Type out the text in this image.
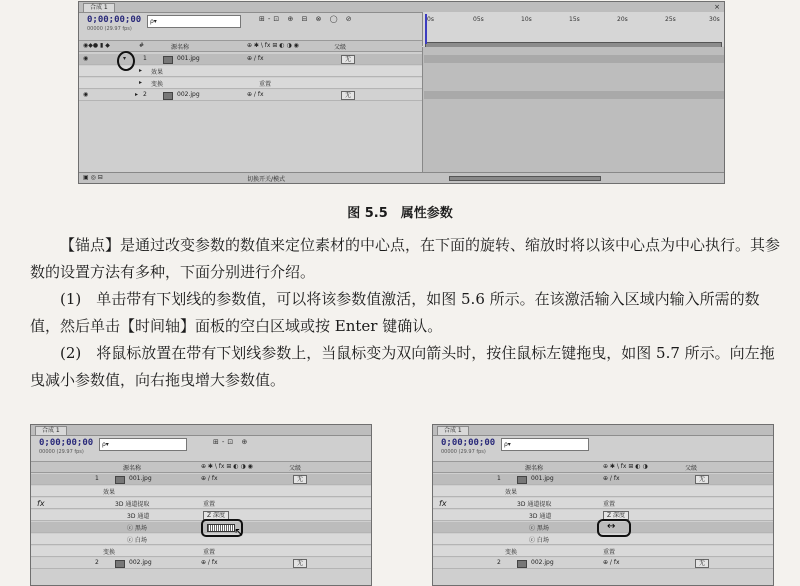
合成 1	×
0;00;00;00
00000 (29.97 fps)
ρ▾	⊞-⊡ ⊕ ⊟ ⊗ ◯ ⊘	0s	05s	10s	15s	20s	25s	30s
◉◆● ▮ ◆	#	源名称	⊕ ✱ \ fx ⊞ ◐ ◑ ◉	父级
◉	▾	1	001.jpg	⊕ / fx	无
▸ 效果
▸ 变换	重置
◉	▸ 2	002.jpg	⊕ / fx	无
▣ ◎ ⊟	切换开关/模式
图 5.5　属性参数
【锚点】是通过改变参数的数值来定位素材的中心点，在下面的旋转、缩放时将以该中心点为中心执行。其参数的设置方法有多种，下面分别进行介绍。
(1)　单击带有下划线的参数值，可以将该参数值激活，如图 5.6 所示。在该激活输入区域内输入所需的数值，然后单击【时间轴】面板的空白区域或按 Enter 键确认。
(2)　将鼠标放置在带有下划线参数上，当鼠标变为双向箭头时，按住鼠标左键拖曳，如图 5.7 所示。向左拖曳减小参数值，向右拖曳增大参数值。
合成 1
0;00;00;00
00000 (29.97 fps)
ρ▾	⊞-⊡ ⊕
源名称	⊕ ✱ \ fx ⊞ ◐ ◑ ◉	父级
1	001.jpg	⊕ / fx	无
效果
fx	3D 通道提取	重置
3D 通道	Z 深度
ⓒ 黑场
ⓒ 白场
变换	重置
2	002.jpg	⊕ / fx	无
↖
合成 1
0;00;00;00
00000 (29.97 fps)
ρ▾
源名称	⊕ ✱ \ fx ⊞ ◐ ◑	父级
1	001.jpg	⊕ / fx	无
效果
fx	3D 通道提取	重置
3D 通道	Z 深度
ⓒ 黑场
ⓒ 白场
变换	重置
2	002.jpg	⊕ / fx	无
↔
